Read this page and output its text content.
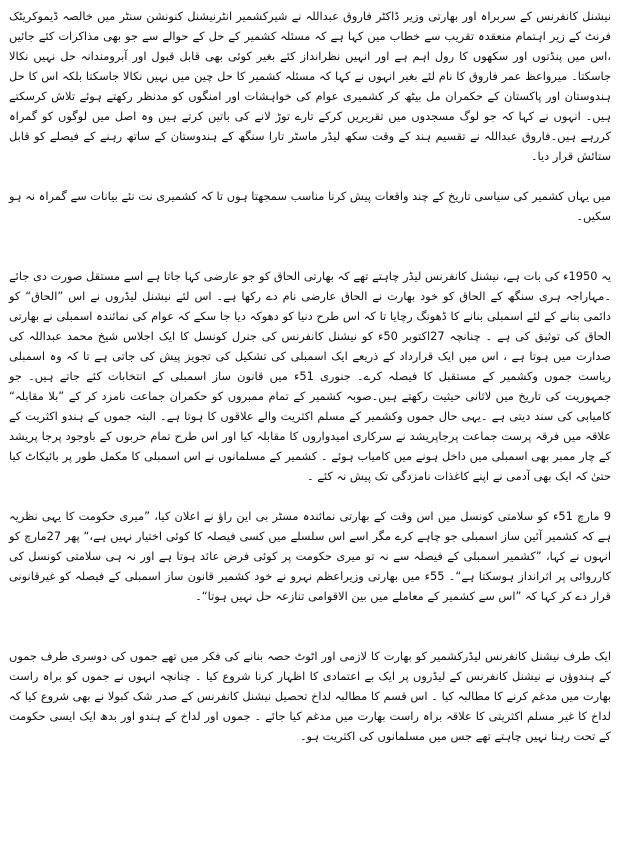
نیشنل کانفرنس کے سربراہ اور بھارتی وزیر ڈاکٹر فاروق عبداللہ نے شیرکشمیر انٹرنیشنل کنونشن سنٹر میں خالصہ ڈیموکریٹک فرنٹ کے زیر اہتمام منعقدہ تقریب سے خطاب میں کہا ہے کہ مسئلہ کشمیر کے حل کے حوالے سے جو بھی مذاکرات کئے جائیں ،اس میں پنڈتوں اور سکھوں کا رول اہم ہے اور انہیں نظرانداز کئے بغیر کوئی بھی قابل قبول اور آبرومندانہ حل نہیں نکالا جاسکتا۔ میرواعظ عمر فاروق کا نام لئے بغیر انہوں نے کہا کہ مسئلہ کشمیر کا حل چین میں نہیں نکالا جاسکتا بلکہ اس کا حل ہندوستان اور پاکستان کے حکمران مل بیٹھ کر کشمیری عوام کی خواہشات اور امنگوں کو مدنظر رکھتے ہوئے تلاش کرسکتے ہیں۔ انہوں نے کہا کہ جو لوگ مسجدوں میں تقریریں کرکے تارے توڑ لانے کی باتیں کرتے ہیں وہ اصل میں لوگوں کو گمراہ کررہے ہیں۔فاروق عبداللہ نے تقسیم ہند کے وقت سکھ لیڈر ماسٹر تارا سنگھ کے ہندوستان کے ساتھ رہنے کے فیصلے کو قابل ستائش قرار دیا۔

میں یہاں کشمیر کی سیاسی تاریخ کے چند واقعات پیش کرنا مناسب سمجھتا ہوں تا کہ کشمیری نت نئے بیانات سے گمراہ نہ ہو سکیں۔

یہ 1950ء کی بات ہے، نیشنل کانفرنس لیڈر چاہتے تھے کہ بھارتی الحاق کو جو عارضی کہا جاتا ہے اسے مستقل صورت دی جائے ۔مہاراجہ ہری سنگھ کے الحاق کو خود بھارت نے الحاق عارضی نام دے رکھا ہے۔ اس لئے نیشنل لیڈروں نے اس ”الحاق“ کو دائمی بنانے کے لئے اسمبلی بنانے کا ڈھونگ رچایا تا کہ اس طرح دنیا کو دھوکہ دیا جا سکے کہ عوام کی نمائندہ اسمبلی نے بھارتی الحاق کی توثیق کی ہے ۔ چنانچہ 27اکتوبر 50ء کو نیشنل کانفرنس کی جنرل کونسل کا ایک اجلاس شیخ محمد عبداللہ کی صدارت میں ہوتا ہے ، اس میں ایک قرارداد کے ذریعے ایک اسمبلی کی تشکیل کی تجویز پیش کی جاتی ہے تا کہ وہ اسمبلی ریاست جموں وکشمیر کے مستقبل کا فیصلہ کرے۔ جنوری 51ء میں قانون ساز اسمبلی کے انتخابات کئے جاتے ہیں۔ جو جمہوریت کی تاریخ میں لاثانی حیثیت رکھتے ہیں۔صوبہ کشمیر کے تمام ممبروں کو حکمران جماعت نامزد کر کے ”بلا مقابلہ“ کامیابی کی سند دیتی ہے ۔یہی حال جموں وکشمیر کے مسلم اکثریت والے علاقوں کا ہوتا ہے۔ البتہ جموں کے ہندو اکثریت کے علاقہ میں فرقہ پرست جماعت پرجاپریشد نے سرکاری امیدواروں کا مقابلہ کیا اور اس طرح تمام حربوں کے باوجود پرجا پریشد کے چار ممبر بھی اسمبلی میں داخل ہونے میں کامیاب ہوئے ۔ کشمیر کے مسلمانوں نے اس اسمبلی کا مکمل طور پر بائیکاٹ کیا حتیٰ کہ ایک بھی آدمی نے اپنے کاغذات نامزدگی تک پیش نہ کئے ۔

9 مارچ 51ء کو سلامتی کونسل میں اس وقت کے بھارتی نمائندہ مسٹر بی این راؤ نے اعلان کیا، ”میری حکومت کا یہی نظریہ ہے کہ کشمیر آئین ساز اسمبلی جو چاہے کرے مگر اسے اس سلسلے میں کسی فیصلہ کا کوئی اختیار نہیں ہے،“ پھر 27مارچ کو انہوں نے کہا، ”کشمیر اسمبلی کے فیصلہ سے نہ تو میری حکومت پر کوئی فرض عائد ہوتا ہے اور نہ ہی سلامتی کونسل کی کارروائی پر اثرانداز ہوسکتا ہے“۔ 55ء میں بھارتی وزیراعظم نہرو نے خود کشمیر قانون ساز اسمبلی کے فیصلہ کو غیرقانونی قرار دے کر کہا کہ ”اس سے کشمیر کے معاملے میں بین الاقوامی تنازعہ حل نہیں ہوتا“۔

ایک طرف نیشنل کانفرنس لیڈرکشمیر کو بھارت کا لازمی اور اٹوٹ حصہ بنانے کی فکر میں تھے جموں کی دوسری طرف جموں کے ہندوؤں نے نیشنل کانفرنس کے لیڈروں پر ایک بے اعتمادی کا اظہار کرنا شروع کیا ۔ چنانچہ انہوں نے جموں کو براہ راست بھارت میں مدغم کرنے کا مطالبہ کیا ۔ اس قسم کا مطالبہ لداخ تحصیل نیشنل کانفرنس کے صدر شک کبولا نے بھی شروع کیا کہ لداخ کا غیر مسلم اکثریتی کا علاقہ براہ راست بھارت میں مدغم کیا جائے ۔ جموں اور لداخ کے ہندو اور بدھ ایک ایسی حکومت کے تحت رہنا نہیں چاہتے تھے جس میں مسلمانوں کی اکثریت ہو۔
